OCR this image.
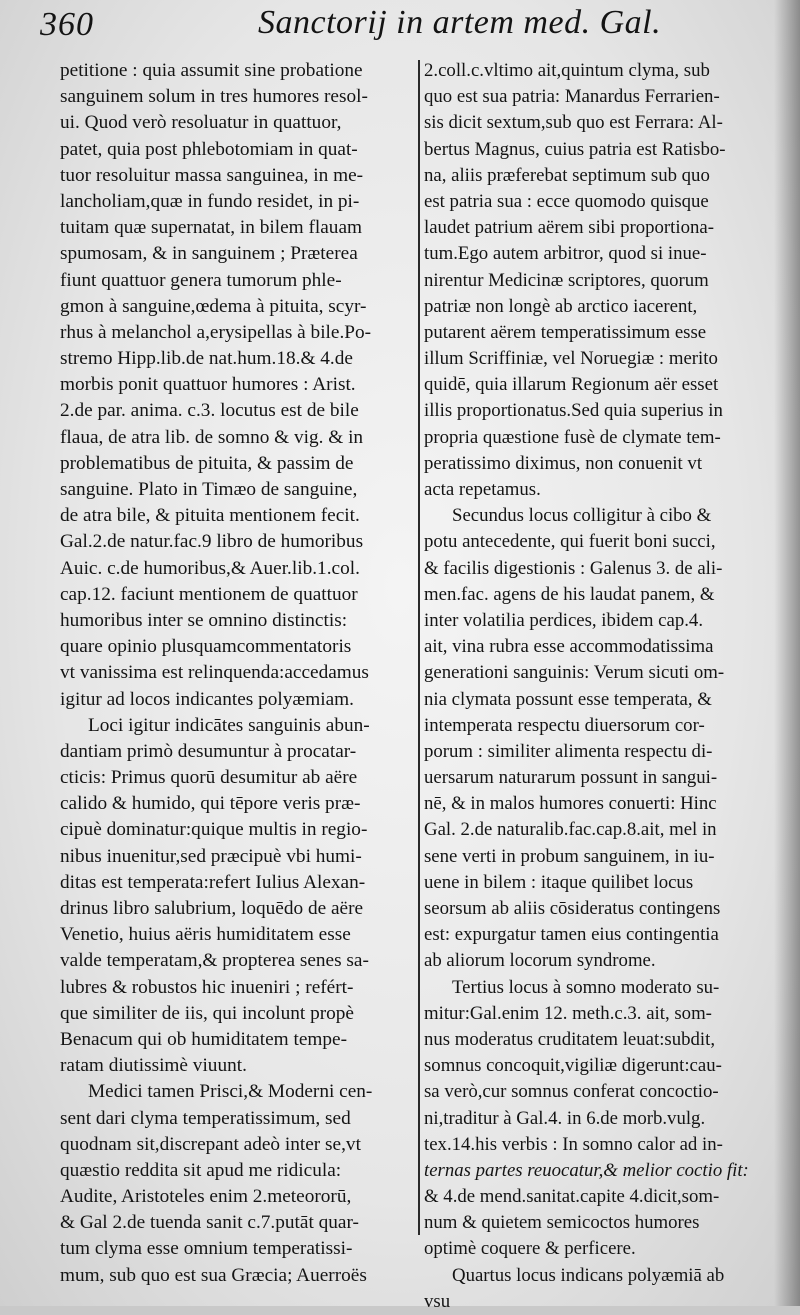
360	Sanctorij in artem med. Gal.
petitione : quia assumit sine probatione
sanguinem solum in tres humores resol-
ui. Quod verò resoluatur in quattuor,
patet, quia post phlebotomiam in quat-
tuor resoluitur massa sanguinea, in me-
lancholiam,quæ in fundo residet, in pi-
tuitam quæ supernatat, in bilem flauam
spumosam, & in sanguinem ; Præterea
fiunt quattuor genera tumorum phle-
gmon à sanguine,œdema à pituita, scyr-
rhus à melanchol a,erysipellas à bile.Po-
stremo Hipp.lib.de nat.hum.18.& 4.de
morbis ponit quattuor humores : Arist.
2.de par. anima. c.3. locutus est de bile
flaua, de atra lib. de somno & vig. & in
problematibus de pituita, & passim de
sanguine. Plato in Timæo de sanguine,
de atra bile, & pituita mentionem fecit.
Gal.2.de natur.fac.9 libro de humoribus
Auic. c.de humoribus,& Auer.lib.1.col.
cap.12. faciunt mentionem de quattuor
humoribus inter se omnino distinctis:
quare opinio plusquamcommentatoris
vt vanissima est relinquenda:accedamus
igitur ad locos indicantes polyæmiam.
Loci igitur indicātes sanguinis abun-
dantiam primò desumuntur à procatar-
cticis: Primus quorū desumitur ab aëre
calido & humido, qui tēpore veris præ-
cipuè dominatur:quique multis in regio-
nibus inuenitur,sed præcipuè vbi humi-
ditas est temperata:refert Iulius Alexan-
drinus libro salubrium, loquēdo de aëre
Venetio, huius aëris humiditatem esse
valde temperatam,& propterea senes sa-
lubres & robustos hic inueniri ; refért-
que similiter de iis, qui incolunt propè
Benacum qui ob humiditatem tempe-
ratam diutissimè viuunt.
Medici tamen Prisci,& Moderni cen-
sent dari clyma temperatissimum, sed
quodnam sit,discrepant adeò inter se,vt
quæstio reddita sit apud me ridicula:
Audite, Aristoteles enim 2.meteororū,
& Gal 2.de tuenda sanit c.7.putāt quar-
tum clyma esse omnium temperatissi-
mum, sub quo est sua Græcia; Auerroës
2.coll.c.vltimo ait,quintum clyma, sub
quo est sua patria: Manardus Ferrarien-
sis dicit sextum,sub quo est Ferrara: Al-
bertus Magnus, cuius patria est Ratisbo-
na, aliis præferebat septimum sub quo
est patria sua : ecce quomodo quisque
laudet patrium aërem sibi proportiona-
tum.Ego autem arbitror, quod si inue-
nirentur Medicinæ scriptores, quorum
patriæ non longè ab arctico iacerent,
putarent aërem temperatissimum esse
illum Scriffiniæ, vel Noruegiæ : merito
quidē, quia illarum Regionum aër esset
illis proportionatus.Sed quia superius in
propria quæstione fusè de clymate tem-
peratissimo diximus, non conuenit vt
acta repetamus.
Secundus locus colligitur à cibo &
potu antecedente, qui fuerit boni succi,
& facilis digestionis : Galenus 3. de ali-
men.fac. agens de his laudat panem, &
inter volatilia perdices, ibidem cap.4.
ait, vina rubra esse accommodatissima
generationi sanguinis: Verum sicuti om-
nia clymata possunt esse temperata, &
intemperata respectu diuersorum cor-
porum : similiter alimenta respectu di-
uersarum naturarum possunt in sangui-
nē, & in malos humores conuerti: Hinc
Gal. 2.de naturalib.fac.cap.8.ait, mel in
sene verti in probum sanguinem, in iu-
uene in bilem : itaque quilibet locus
seorsum ab aliis cōsideratus contingens
est: expurgatur tamen eius contingentia
ab aliorum locorum syndrome.
Tertius locus à somno moderato su-
mitur:Gal.enim 12. meth.c.3. ait, som-
nus moderatus cruditatem leuat:subdit,
somnus concoquit,vigiliæ digerunt:cau-
sa verò,cur somnus conferat concoctio-
ni,traditur à Gal.4. in 6.de morb.vulg.
tex.14.his verbis : In somno calor ad in-
ternas partes reuocatur,& melior coctio fit:
& 4.de mend.sanitat.capite 4.dicit,som-
num & quietem semicoctos humores
optimè coquere & perficere.
Quartus locus indicans polyæmiā ab
vsu
